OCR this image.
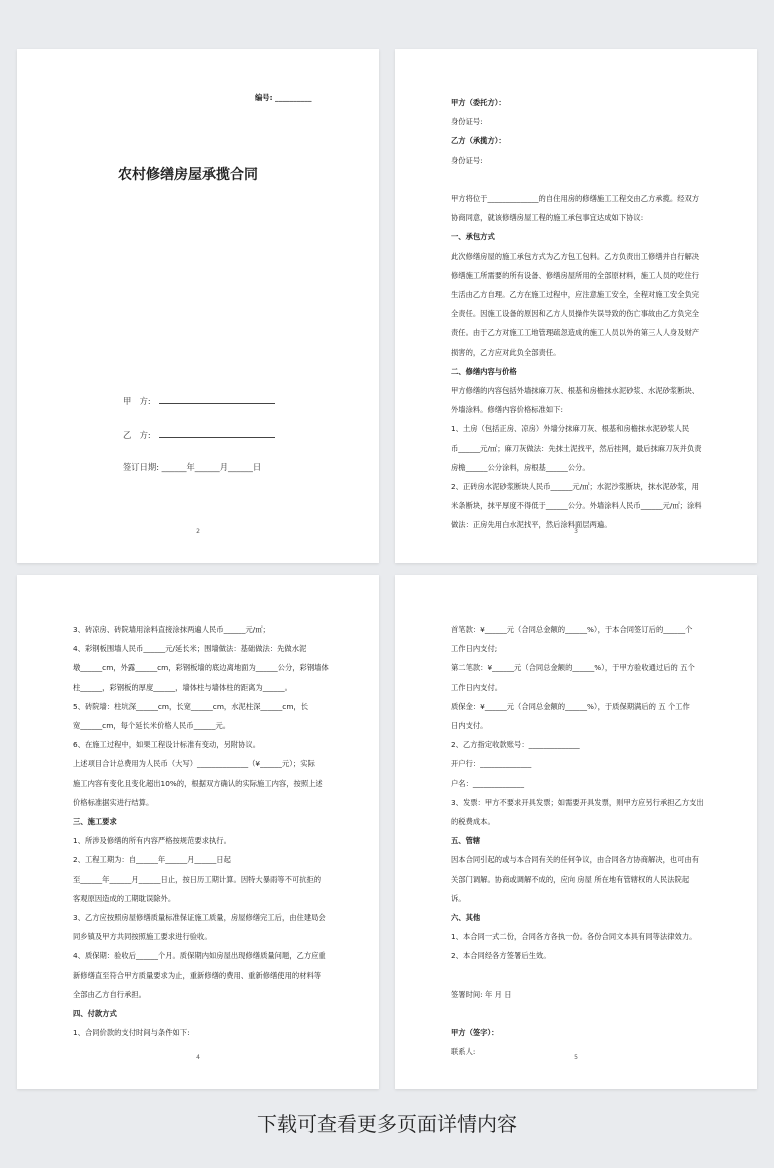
编号: __________
农村修缮房屋承揽合同
甲　方:
乙　方:
签订日期: ______年______月______日
2
甲方（委托方）：
身份证号:
乙方（承揽方）：
身份证号:
甲方将位于______________的自住用房的修缮施工工程交由乙方承揽。经双方
协商同意，就该修缮房屋工程的施工承包事宜达成如下协议:
一、承包方式
此次修缮房屋的施工承包方式为乙方包工包料。乙方负责出工修缮并自行解决
修缮施工所需要的所有设备、修缮房屋所用的全部原材料，施工人员的吃住行
生活由乙方自理。乙方在施工过程中，应注意施工安全，全程对施工安全负完
全责任。因施工设备的原因和乙方人员操作失误导致的伤亡事故由乙方负完全
责任。由于乙方对施工工地管理疏忽造成的施工人员以外的第三人人身及财产
损害的，乙方应对此负全部责任。
二、修缮内容与价格
甲方修缮的内容包括外墙抹麻刀灰、根基和房檐抹水泥砂浆、水泥砂浆断块、
外墙涂料。修缮内容价格标准如下:
1、土房（包括正房、凉房）外墙分抹麻刀灰、根基和房檐抹水泥砂浆人民
币______元/㎡；麻刀灰做法：先抹土泥找平，然后挂网，最后抹麻刀灰并负责
房檐______公分涂料，房根基______公分。
2、正砖房水泥砂浆断块人民币______元/㎡；水泥沙浆断块，抹水泥砂浆，用
米条断块，抹平厚度不得低于______公分。外墙涂料人民币______元/㎡；涂料
做法：正房先用白水泥找平，然后涂料面层两遍。
3
3、砖凉房、砖院墙用涂料直接涂抹两遍人民币______元/㎡；
4、彩钢板围墙人民币______元/延长米；围墙做法：基础做法：先做水泥
墩______cm，外露______cm，彩钢板墙的底边离地面为______公分，彩钢墙体
柱______，彩钢板的厚度______，墙体柱与墙体柱的距离为______。
5、砖院墙：柱坑深______cm，长宽______cm，水泥柱深______cm，长
宽______cm，每个延长米价格人民币______元。
6、在施工过程中，如果工程设计标准有变动，另附协议。
上述项目合计总费用为人民币（大写）______________（¥______元）；实际
施工内容有变化且变化超出10%的，根据双方确认的实际施工内容，按照上述
价格标准据实进行结算。
三、施工要求
1、所涉及修缮的所有内容严格按规范要求执行。
2、工程工期为：自______年______月______日起
至______年______月______日止，按日历工期计算。因特大暴雨等不可抗拒的
客观原因造成的工期耽误除外。
3、乙方应按照房屋修缮质量标准保证施工质量，房屋修缮完工后，由住建局会
同乡镇及甲方共同按照施工要求进行验收。
4、质保期：验收后______个月。质保期内如房屋出现修缮质量问题，乙方应重
新修缮直至符合甲方质量要求为止，重新修缮的费用、重新修缮使用的材料等
全部由乙方自行承担。
四、付款方式
1、合同价款的支付时间与条件如下:
4
首笔款：¥______元（合同总金额的______%），于本合同签订后的______个
工作日内支付;
第二笔款：¥______元（合同总金额的______%），于甲方验收通过后的 五个
工作日内支付。
质保金：¥______元（合同总金额的______%），于质保期满后的 五 个工作
日内支付。
2、乙方指定收款账号：______________
开户行：______________
户名：______________
3、发票：甲方不要求开具发票；如需要开具发票，则甲方应另行承担乙方支出
的税费成本。
五、管辖
因本合同引起的或与本合同有关的任何争议，由合同各方协商解决，也可由有
关部门调解。协商或调解不成的，应向 房屋 所在地有管辖权的人民法院起
诉。
六、其他
1、本合同一式二份，合同各方各执一份。各份合同文本具有同等法律效力。
2、本合同经各方签署后生效。
签署时间: 年 月 日
甲方（签字）：
联系人:
5
下载可查看更多页面详情内容
